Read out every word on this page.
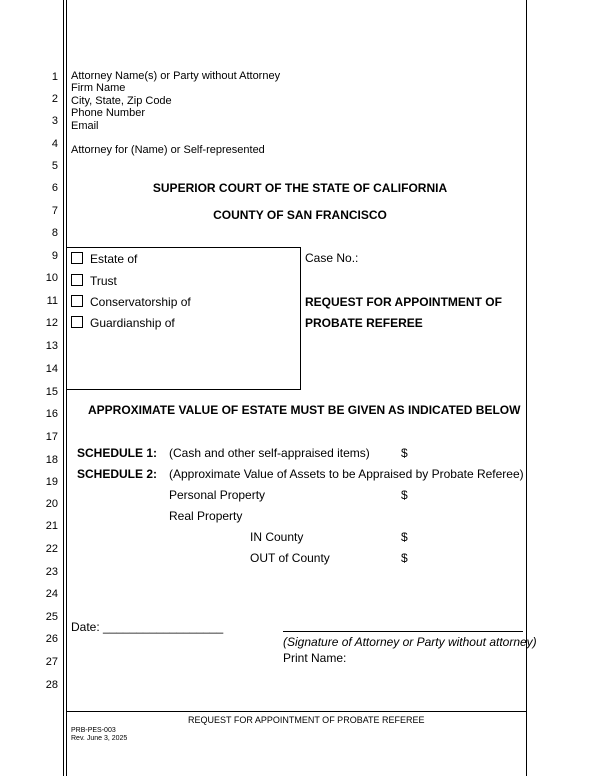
1
2
3
4
5
6
7
8
9
10
11
12
13
14
15
16
17
18
19
20
21
22
23
24
25
26
27
28
Attorney Name(s) or Party without Attorney
Firm Name
City, State, Zip Code
Phone Number
Email
Attorney for (Name) or Self-represented
SUPERIOR COURT OF THE STATE OF CALIFORNIA
COUNTY OF SAN FRANCISCO
Estate of
Trust
Conservatorship of
Guardianship of
Case No.:
REQUEST FOR APPOINTMENT OF
PROBATE REFEREE
APPROXIMATE VALUE OF ESTATE MUST BE GIVEN AS INDICATED BELOW
SCHEDULE 1: (Cash and other self-appraised items)	$
SCHEDULE 2: (Approximate Value of Assets to be Appraised by Probate Referee)
Personal Property	$
Real Property
IN County	$
OUT of County	$
Date: __________________
(Signature of Attorney or Party without attorney)
Print Name:
REQUEST FOR APPOINTMENT OF PROBATE REFEREE
PRB-PES-003
Rev. June 3, 2025
